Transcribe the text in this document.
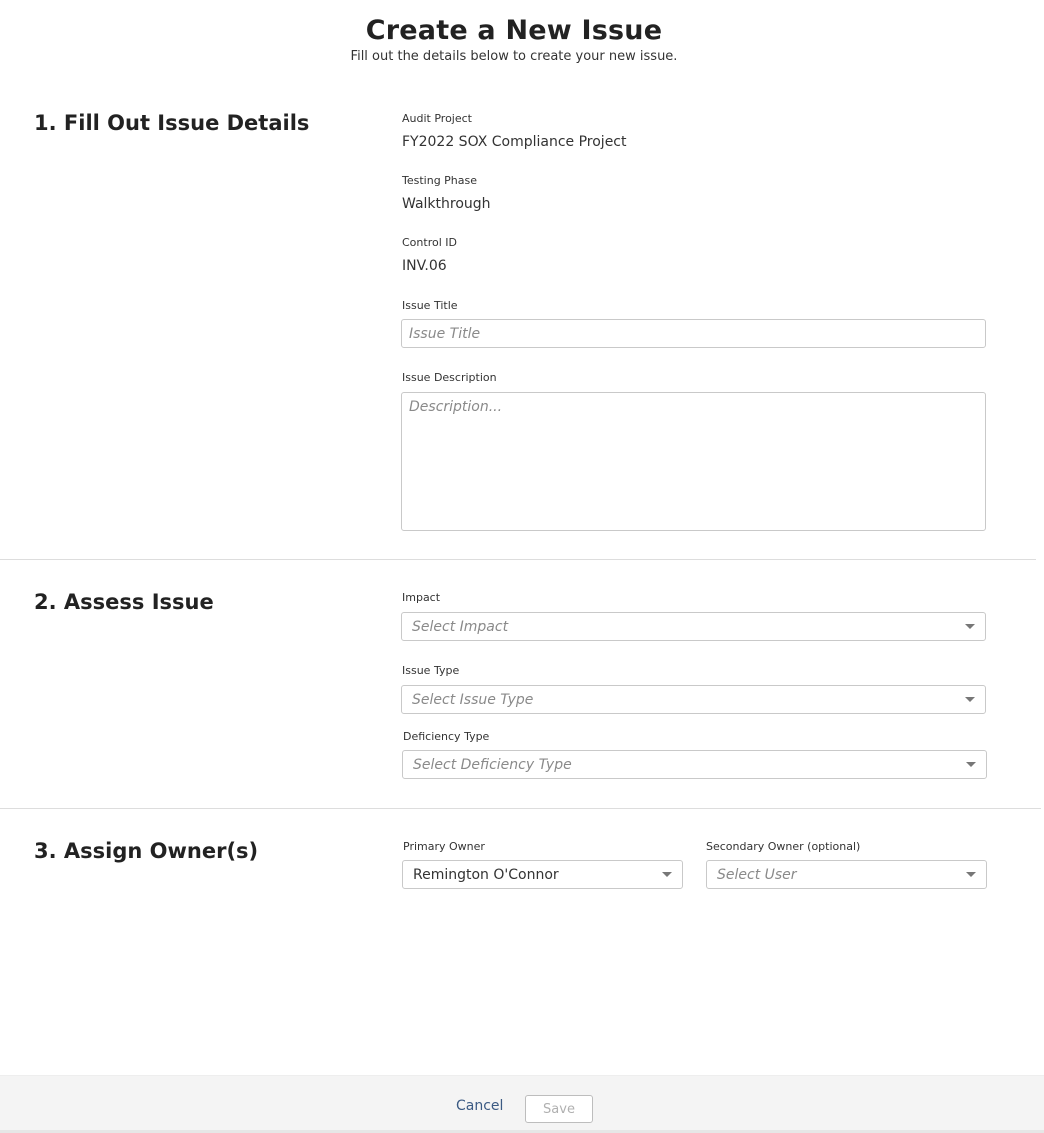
Create a New Issue
Fill out the details below to create your new issue.
1. Fill Out Issue Details	Audit Project
FY2022 SOX Compliance Project
Testing Phase
Walkthrough
Control ID
INV.06
Issue Title
Issue Title
Issue Description
Description...
2. Assess Issue	Impact
Select Impact
Issue Type
Select Issue Type
Deficiency Type
Select Deficiency Type
3. Assign Owner(s)	Primary Owner
Remington O'Connor
Secondary Owner (optional)
Select User
Cancel	Save
